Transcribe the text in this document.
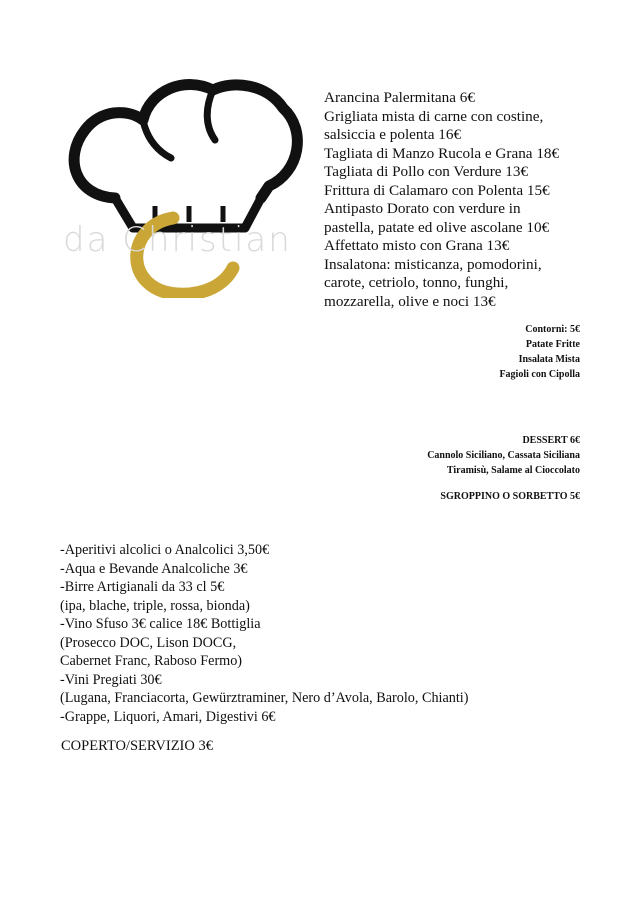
da Christian
Arancina Palermitana 6€
Grigliata mista di carne con costine,
salsiccia e polenta 16€
Tagliata di Manzo Rucola e Grana 18€
Tagliata di Pollo con Verdure 13€
Frittura di Calamaro con Polenta 15€
Antipasto Dorato con verdure in
pastella, patate ed olive ascolane 10€
Affettato misto con Grana 13€
Insalatona: misticanza, pomodorini,
carote, cetriolo, tonno, funghi,
mozzarella, olive e noci 13€
Contorni: 5€
Patate Fritte
Insalata Mista
Fagioli con Cipolla
DESSERT 6€
Cannolo Siciliano, Cassata Siciliana
Tiramisù, Salame al Cioccolato
SGROPPINO O SORBETTO 5€
-Aperitivi alcolici o Analcolici 3,50€
-Aqua e Bevande Analcoliche 3€
-Birre Artigianali da 33 cl 5€
(ipa, blache, triple, rossa, bionda)
-Vino Sfuso 3€ calice 18€ Bottiglia
(Prosecco DOC, Lison DOCG,
Cabernet Franc, Raboso Fermo)
-Vini Pregiati 30€
(Lugana, Franciacorta, Gewürztraminer, Nero d’Avola, Barolo, Chianti)
-Grappe, Liquori, Amari, Digestivi 6€
COPERTO/SERVIZIO 3€
